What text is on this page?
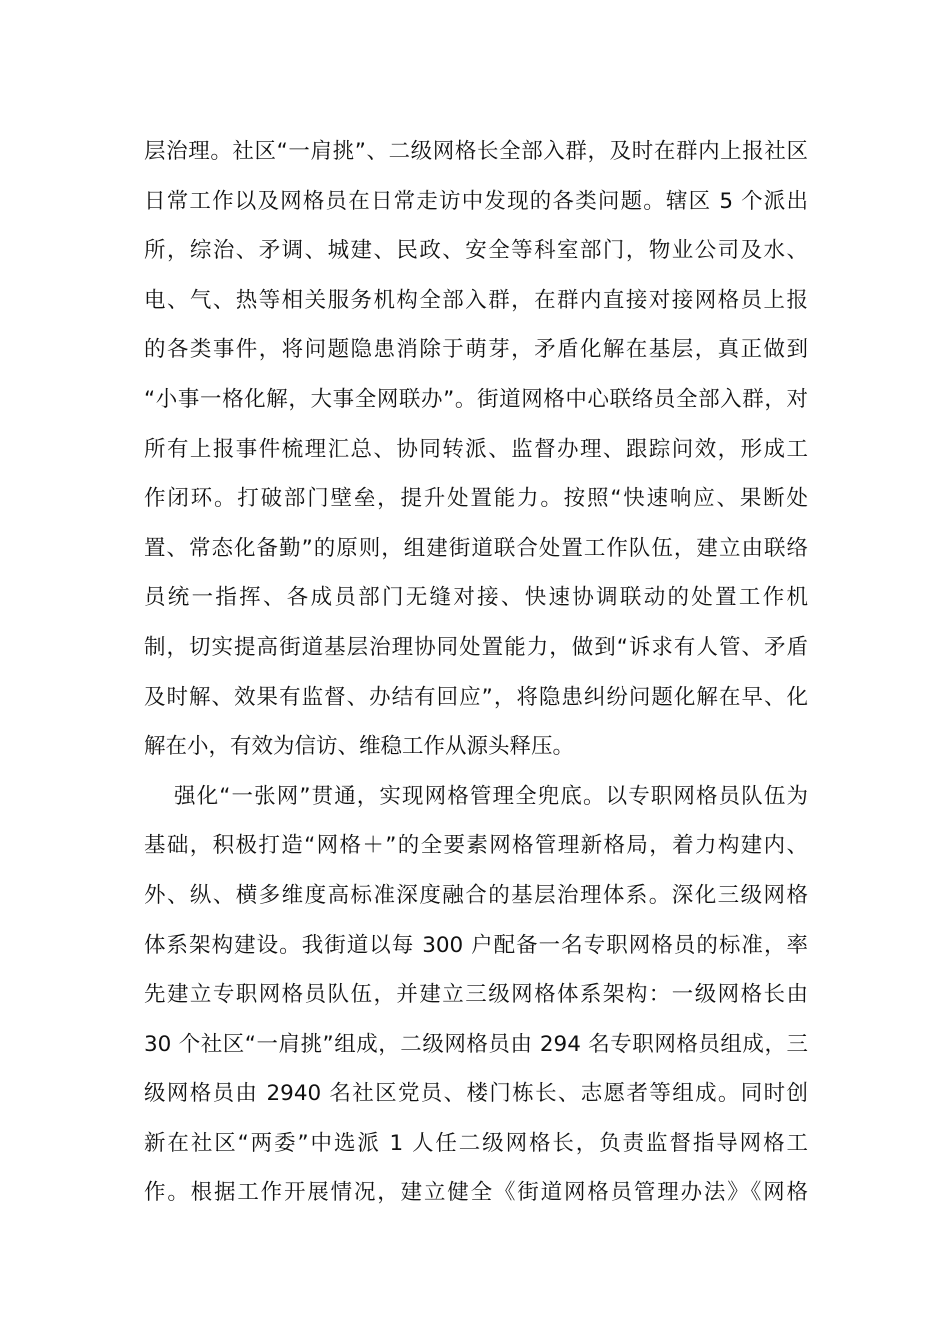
层治理。社区“一肩挑”、二级网格长全部入群，及时在群内上报社区
日常工作以及网格员在日常走访中发现的各类问题。辖区 5 个派出
所，综治、矛调、城建、民政、安全等科室部门，物业公司及水、
电、气、热等相关服务机构全部入群，在群内直接对接网格员上报
的各类事件，将问题隐患消除于萌芽，矛盾化解在基层，真正做到
“小事一格化解，大事全网联办”。街道网格中心联络员全部入群，对
所有上报事件梳理汇总、协同转派、监督办理、跟踪问效，形成工
作闭环。打破部门壁垒，提升处置能力。按照“快速响应、果断处
置、常态化备勤”的原则，组建街道联合处置工作队伍，建立由联络
员统一指挥、各成员部门无缝对接、快速协调联动的处置工作机
制，切实提高街道基层治理协同处置能力，做到“诉求有人管、矛盾
及时解、效果有监督、办结有回应”，将隐患纠纷问题化解在早、化
解在小，有效为信访、维稳工作从源头释压。
强化“一张网”贯通，实现网格管理全兜底。以专职网格员队伍为
基础，积极打造“网格＋”的全要素网格管理新格局，着力构建内、
外、纵、横多维度高标准深度融合的基层治理体系。深化三级网格
体系架构建设。我街道以每 300 户配备一名专职网格员的标准，率
先建立专职网格员队伍，并建立三级网格体系架构：一级网格长由
30 个社区“一肩挑”组成，二级网格员由 294 名专职网格员组成，三
级网格员由 2940 名社区党员、楼门栋长、志愿者等组成。同时创
新在社区“两委”中选派 1 人任二级网格长，负责监督指导网格工
作。根据工作开展情况，建立健全《街道网格员管理办法》《网格
